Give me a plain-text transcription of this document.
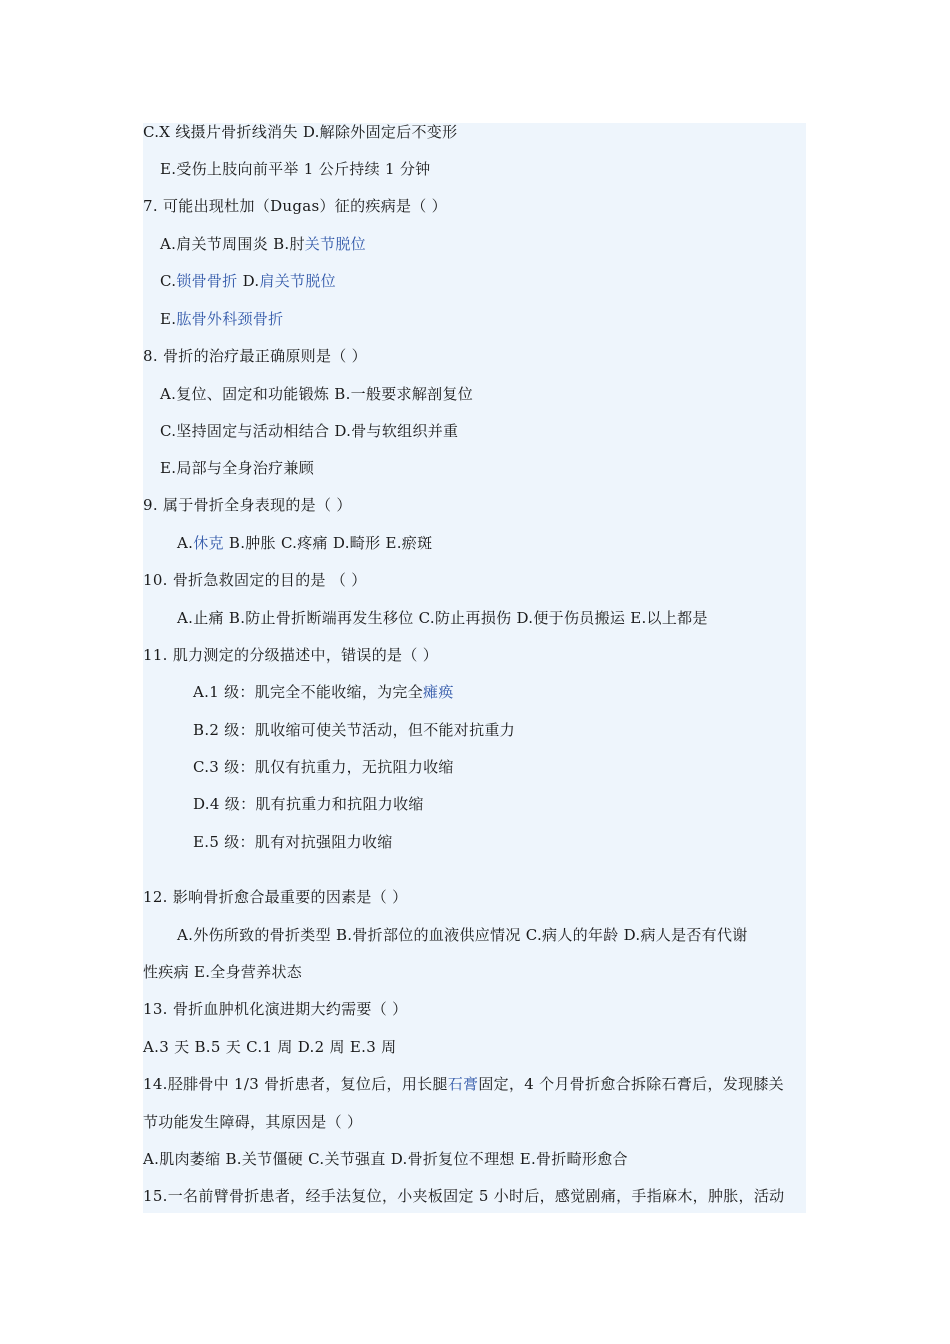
C.X 线摄片骨折线消失 D.解除外固定后不变形
E.受伤上肢向前平举 1 公斤持续 1 分钟
7. 可能出现杜加（Dugas）征的疾病是（ ）
A.肩关节周围炎 B.肘关节脱位
C.锁骨骨折 D.肩关节脱位
E.肱骨外科颈骨折
8. 骨折的治疗最正确原则是（ ）
A.复位、固定和功能锻炼 B.一般要求解剖复位
C.坚持固定与活动相结合 D.骨与软组织并重
E.局部与全身治疗兼顾
9. 属于骨折全身表现的是（ ）
A.休克 B.肿胀 C.疼痛 D.畸形 E.瘀斑
10. 骨折急救固定的目的是 （ ）
A.止痛 B.防止骨折断端再发生移位 C.防止再损伤 D.便于伤员搬运 E.以上都是
11. 肌力测定的分级描述中，错误的是（ ）
A.1 级：肌完全不能收缩，为完全瘫痪
B.2 级：肌收缩可使关节活动，但不能对抗重力
C.3 级：肌仅有抗重力，无抗阻力收缩
D.4 级：肌有抗重力和抗阻力收缩
E.5 级：肌有对抗强阻力收缩
12. 影响骨折愈合最重要的因素是（ ）
A.外伤所致的骨折类型 B.骨折部位的血液供应情况 C.病人的年龄 D.病人是否有代谢
性疾病 E.全身营养状态
13. 骨折血肿机化演进期大约需要（ ）
A.3 天 B.5 天 C.1 周 D.2 周 E.3 周
14.胫腓骨中 1/3 骨折患者，复位后，用长腿石膏固定，4 个月骨折愈合拆除石膏后，发现膝关
节功能发生障碍，其原因是（ ）
A.肌肉萎缩 B.关节僵硬 C.关节强直 D.骨折复位不理想 E.骨折畸形愈合
15.一名前臂骨折患者，经手法复位，小夹板固定 5 小时后，感觉剧痛，手指麻木，肿胀，活动
